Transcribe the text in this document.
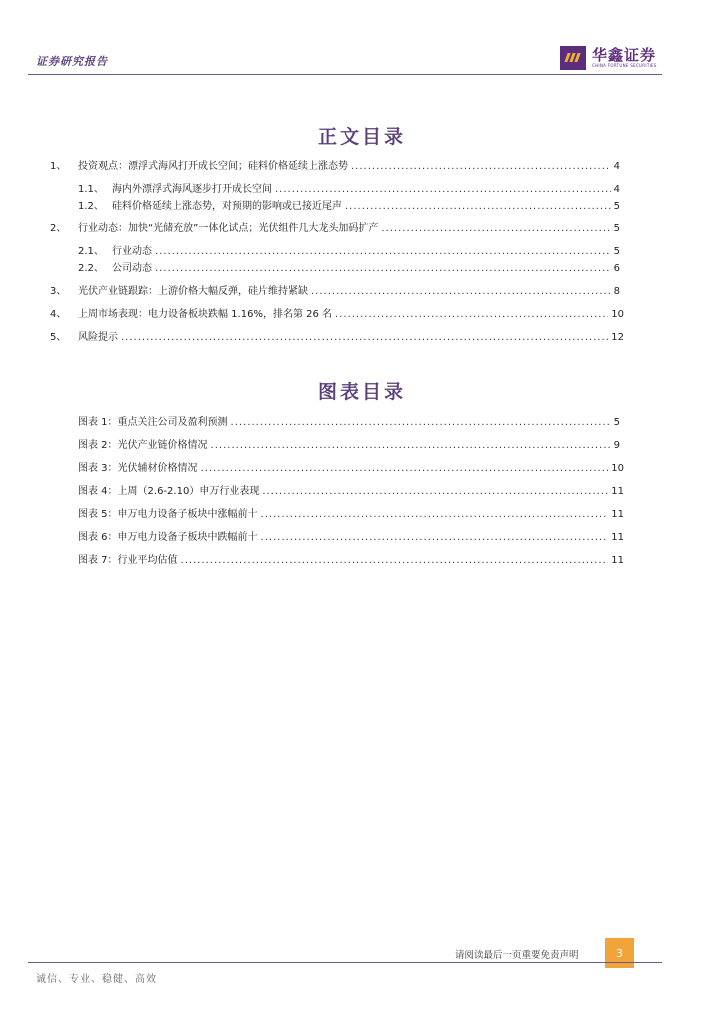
证券研究报告	华鑫证券
CHINA FORTUNE SECURITIES
正文目录
1、	投资观点：漂浮式海风打开成长空间；硅料价格延续上涨态势 .....	4
1.1、 海内外漂浮式海风逐步打开成长空间 .....	4
1.2、 硅料价格延续上涨态势，对预期的影响或已接近尾声 .....	5
2、	行业动态：加快“光储充放”一体化试点；光伏组件几大龙头加码扩产 .....	5
2.1、 行业动态 .....	5
2.2、 公司动态 .....	6
3、	光伏产业链跟踪：上游价格大幅反弹，硅片维持紧缺 .....	8
4、	上周市场表现：电力设备板块跌幅 1.16%，排名第 26 名 .....	10
5、	风险提示 .....	12
图表目录
图表 1：重点关注公司及盈利预测 .....	5
图表 2：光伏产业链价格情况 .....	9
图表 3：光伏辅材价格情况 .....	10
图表 4：上周（2.6-2.10）申万行业表现 .....	11
图表 5：申万电力设备子板块中涨幅前十 .....	11
图表 6：申万电力设备子板块中跌幅前十 .....	11
图表 7：行业平均估值 .....	11
请阅读最后一页重要免责声明	3
诚信、专业、稳健、高效
